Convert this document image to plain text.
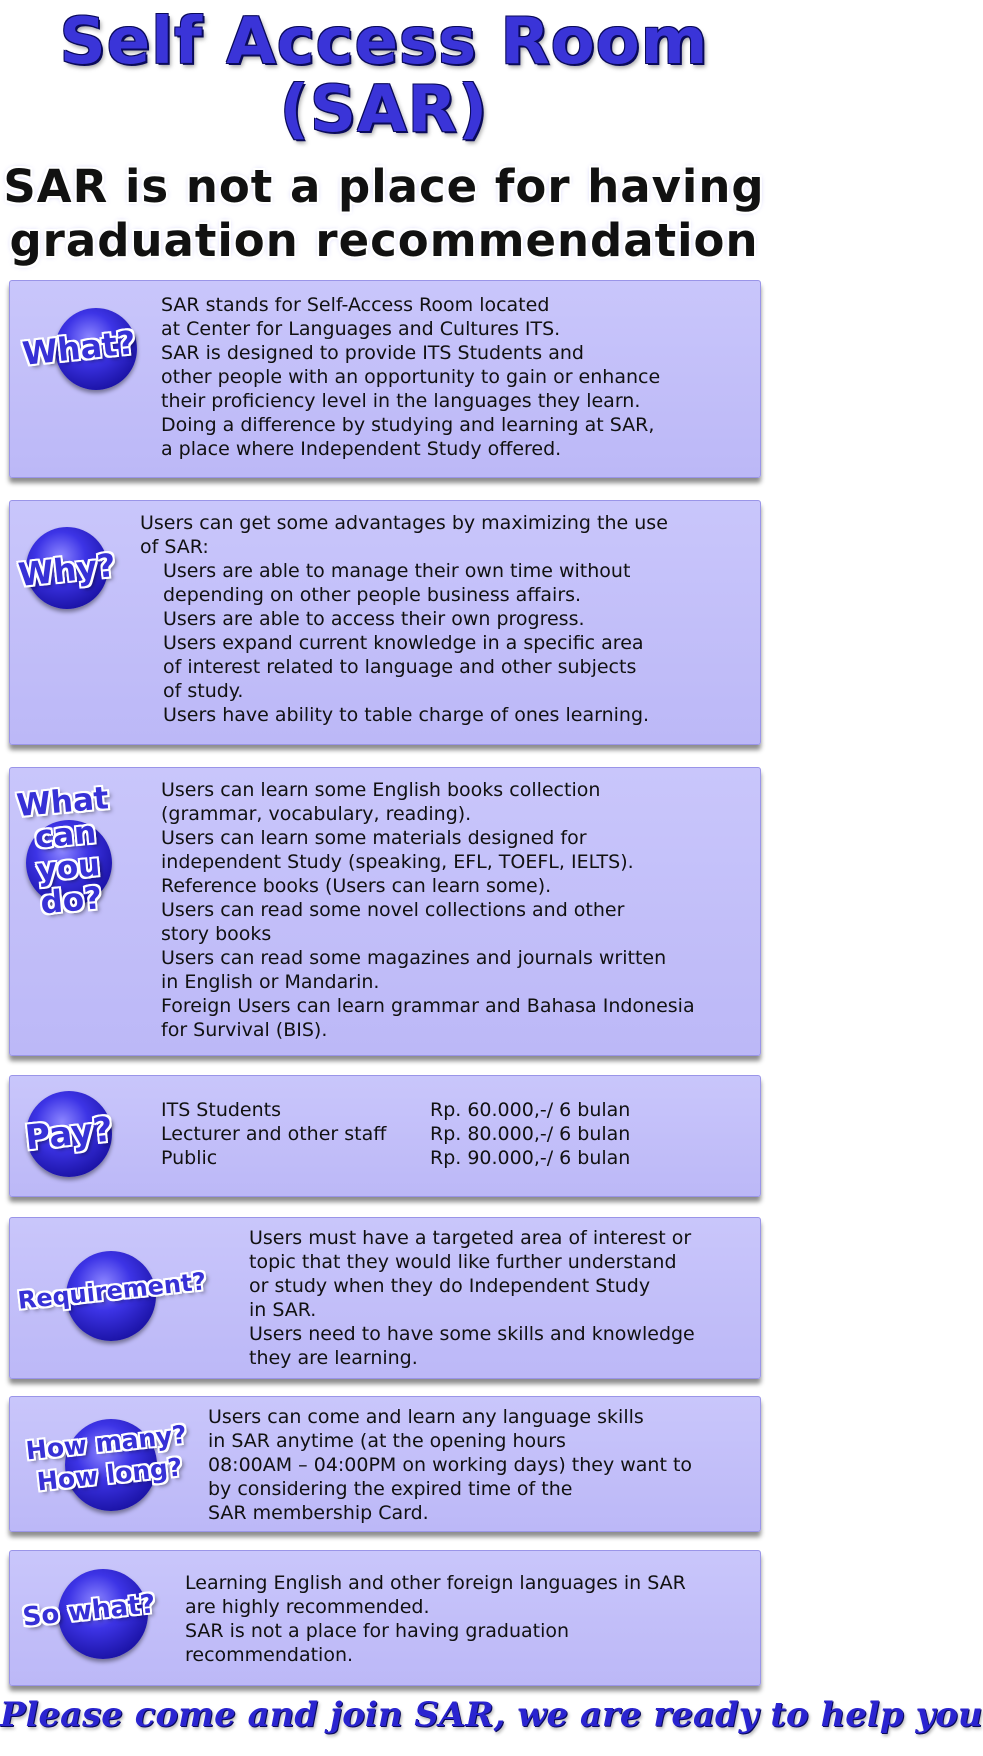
Self Access Room
(SAR)
SAR is not a place for having
graduation recommendation
What?
SAR stands for Self-Access Room located
at Center for Languages and Cultures ITS.
SAR is designed to provide ITS Students and
other people with an opportunity to gain or enhance
their proficiency level in the languages they learn.
Doing a difference by studying and learning at SAR,
a place where Independent Study offered.
Why?
Users can get some advantages by maximizing the use
of SAR:
Users are able to manage their own time without
depending on other people business affairs.
Users are able to access their own progress.
Users expand current knowledge in a specific area
of interest related to language and other subjects
of study.
Users have ability to table charge of ones learning.
What
can
you
do?
Users can learn some English books collection
(grammar, vocabulary, reading).
Users can learn some materials designed for
independent Study (speaking, EFL, TOEFL, IELTS).
Reference books (Users can learn some).
Users can read some novel collections and other
story books
Users can read some magazines and journals written
in English or Mandarin.
Foreign Users can learn grammar and Bahasa Indonesia
for Survival (BIS).
Pay?	ITS Students	Rp. 60.000,-/ 6 bulan
Lecturer and other staff Rp. 80.000,-/ 6 bulan
Public	Rp. 90.000,-/ 6 bulan
Requirement?
Users must have a targeted area of interest or
topic that they would like further understand
or study when they do Independent Study
in SAR.
Users need to have some skills and knowledge
they are learning.
How many?
How long?
Users can come and learn any language skills
in SAR anytime (at the opening hours
08:00AM – 04:00PM on working days) they want to
by considering the expired time of the
SAR membership Card.
So what?
Learning English and other foreign languages in SAR
are highly recommended.
SAR is not a place for having graduation
recommendation.
Please come and join SAR, we are ready to help you
